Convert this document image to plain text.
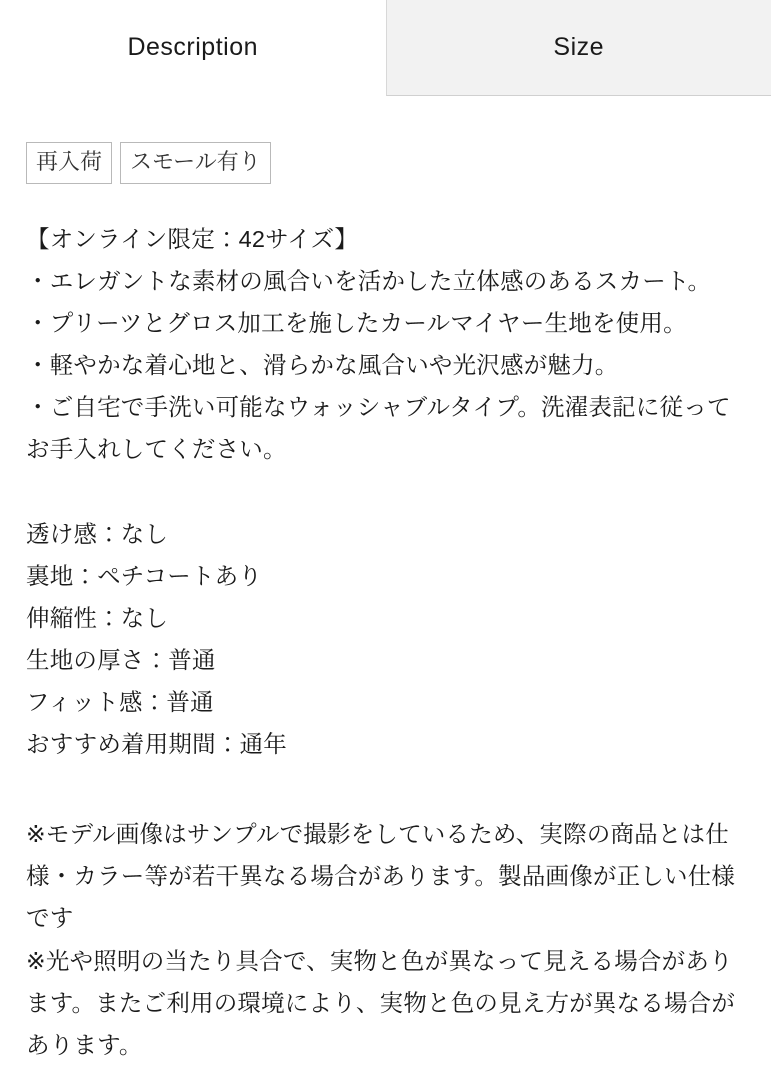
Description	Size
再入荷	スモール有り

【オンライン限定：42サイズ】

・エレガントな素材の風合いを活かした立体感のあるスカート。

・プリーツとグロス加工を施したカールマイヤー生地を使用。

・軽やかな着心地と、滑らかな風合いや光沢感が魅力。

・ご自宅で手洗い可能なウォッシャブルタイプ。洗濯表記に従ってお手入れしてください。

透け感：なし

裏地：ペチコートあり

伸縮性：なし

生地の厚さ：普通

フィット感：普通

おすすめ着用期間：通年

※モデル画像はサンプルで撮影をしているため、実際の商品とは仕様・カラー等が若干異なる場合があります。製品画像が正しい仕様です

※光や照明の当たり具合で、実物と色が異なって見える場合があります。またご利用の環境により、実物と色の見え方が異なる場合があります。
